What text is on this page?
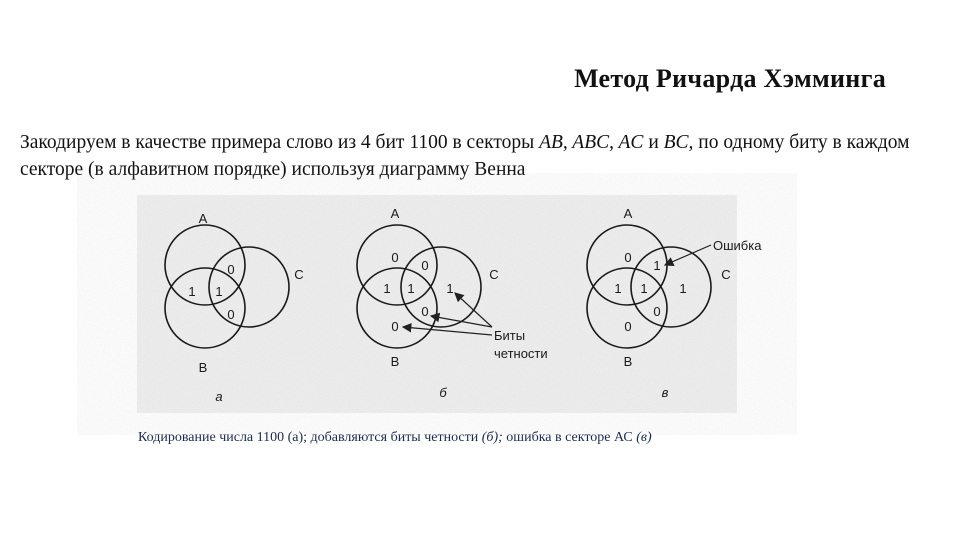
Метод Ричарда Хэмминга
Закодируем в качестве примера слово из 4 бит 1100 в секторы AB, ABC, AC и BC, по одному биту в каждом секторе (в алфавитном порядке) используя диаграмму Венна
A
B
C
0
1 1
0
a
A
B
C
0
0
1 1 1
0
0
Биты
четности
б
A
B
C
0
1
1 1 1
0
0
Ошибка
в
Кодирование числа 1100 (а); добавляются биты четности (б); ошибка в секторе АС (в)
